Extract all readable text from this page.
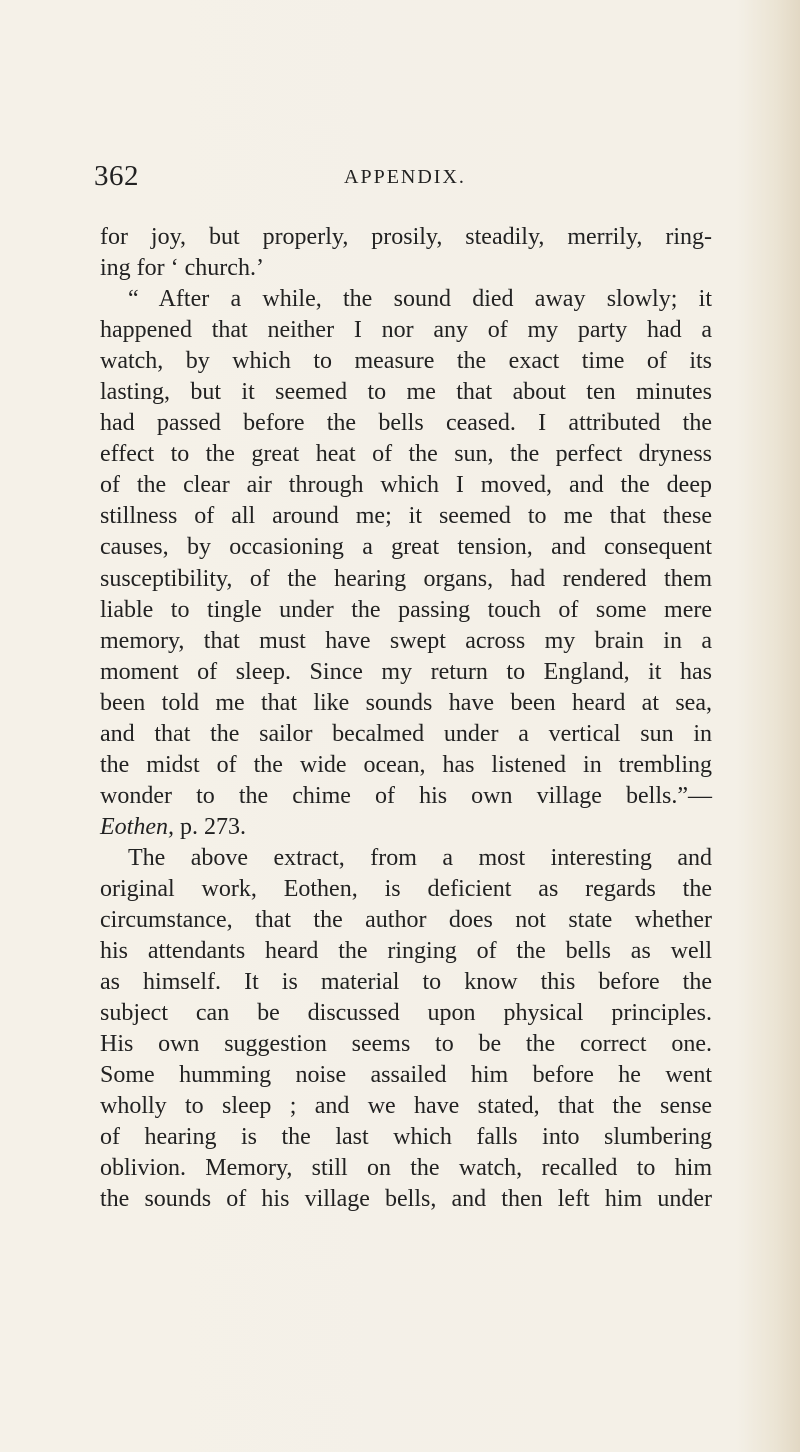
362	APPENDIX.
for joy, but properly, prosily, steadily, merrily, ring-
ing for ‘ church.’
“ After a while, the sound died away slowly; it
happened that neither I nor any of my party had a
watch, by which to measure the exact time of its
lasting, but it seemed to me that about ten minutes
had passed before the bells ceased. I attributed the
effect to the great heat of the sun, the perfect dryness
of the clear air through which I moved, and the deep
stillness of all around me; it seemed to me that these
causes, by occasioning a great tension, and consequent
susceptibility, of the hearing organs, had rendered them
liable to tingle under the passing touch of some mere
memory, that must have swept across my brain in a
moment of sleep. Since my return to England, it has
been told me that like sounds have been heard at sea,
and that the sailor becalmed under a vertical sun in
the midst of the wide ocean, has listened in trembling
wonder to the chime of his own village bells.”—
Eothen, p. 273.
The above extract, from a most interesting and
original work, Eothen, is deficient as regards the
circumstance, that the author does not state whether
his attendants heard the ringing of the bells as well
as himself. It is material to know this before the
subject can be discussed upon physical principles.
His own suggestion seems to be the correct one.
Some humming noise assailed him before he went
wholly to sleep ; and we have stated, that the sense
of hearing is the last which falls into slumbering
oblivion. Memory, still on the watch, recalled to him
the sounds of his village bells, and then left him under
